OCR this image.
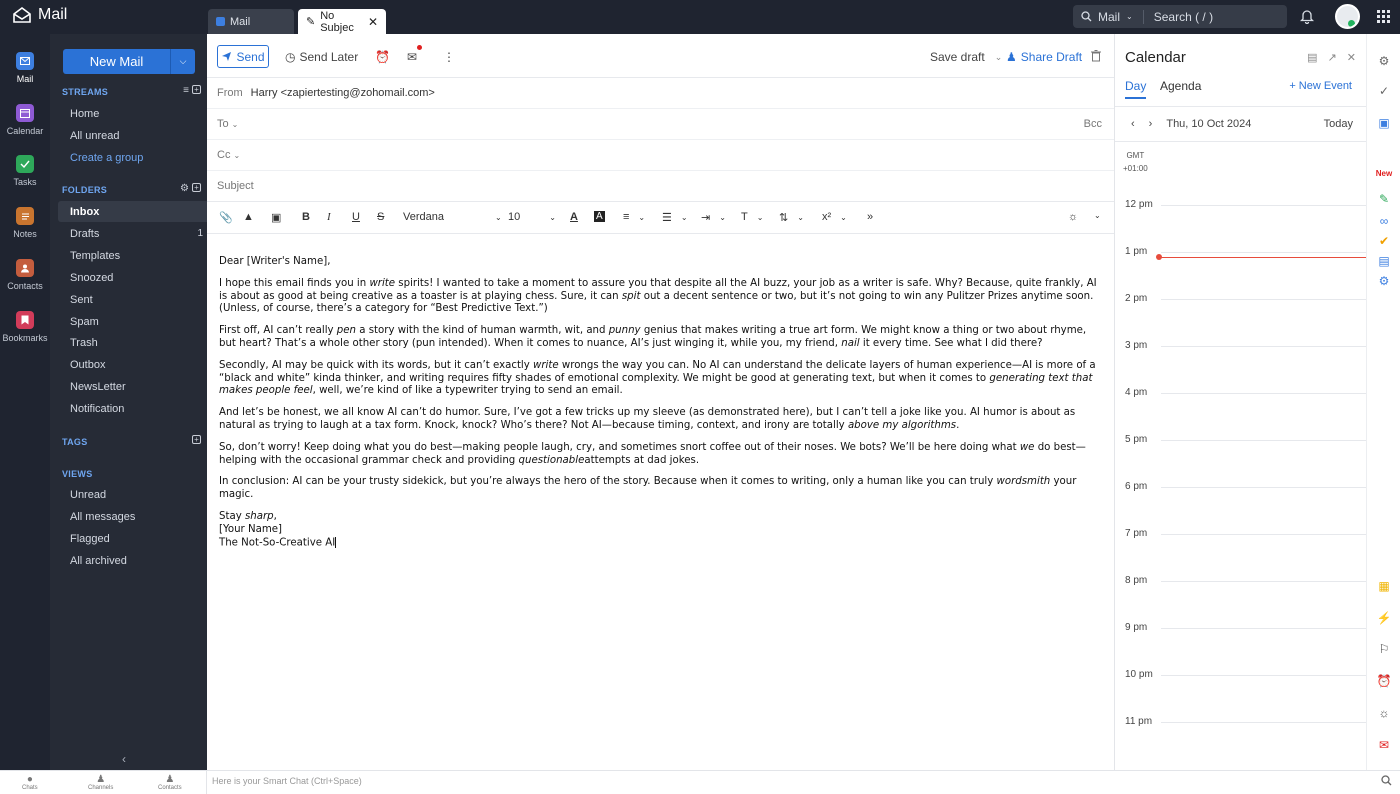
Mail	Mail	✎
No Subjec	✕	Mail ⌄ Search ( / )
Mail
Calendar
Tasks
Notes
Contacts
Bookmarks
New Mail	⌵
STREAMS	≡ +
Home
All unread
Create a group
FOLDERS	⚙ +
Inbox
Drafts	1
Templates
Snoozed
Sent
Spam
Trash
Outbox
NewsLetter
Notification
TAGS	+
VIEWS
Unread
All messages
Flagged
All archived
‹
Send ◷ Send Later ⏰ ✉ ⋮	Save draft ⌄ ♟ Share Draft
From Harry <zapiertesting@zohomail.com>
To ⌄	Bcc
Cc ⌄
Subject
📎 ▲ ▣ B I U S Verdana	⌄ 10	⌄ A A ≡ ⌄ ☰ ⌄ ⇥ ⌄ T ⌄ ⇅ ⌄ x² ⌄ »	☼ ⌄

Dear [Writer's Name],

I hope this email finds you in write spirits! I wanted to take a moment to assure you that despite all the AI buzz, your job as a writer is safe. Why? Because, quite frankly, AI is about as good at being creative as a toaster is at playing chess. Sure, it can spit out a decent sentence or two, but it’s not going to win any Pulitzer Prizes anytime soon. (Unless, of course, there’s a category for “Best Predictive Text.”)

First off, AI can’t really pen a story with the kind of human warmth, wit, and punny genius that makes writing a true art form. We might know a thing or two about rhyme, but heart? That’s a whole other story (pun intended). When it comes to nuance, AI’s just winging it, while you, my friend, nail it every time. See what I did there?

Secondly, AI may be quick with its words, but it can’t exactly write wrongs the way you can. No AI can understand the delicate layers of human experience—AI is more of a “black and white” kinda thinker, and writing requires fifty shades of emotional complexity. We might be good at generating text, but when it comes to generating text that makes people feel, well, we’re kind of like a typewriter trying to send an email.

And let’s be honest, we all know AI can’t do humor. Sure, I’ve got a few tricks up my sleeve (as demonstrated here), but I can’t tell a joke like you. AI humor is about as natural as trying to laugh at a tax form. Knock, knock? Who’s there? Not AI—because timing, context, and irony are totally above my algorithms.

So, don’t worry! Keep doing what you do best—making people laugh, cry, and sometimes snort coffee out of their noses. We bots? We’ll be here doing what we do best—helping with the occasional grammar check and providing questionableattempts at dad jokes.

In conclusion: AI can be your trusty sidekick, but you’re always the hero of the story. Because when it comes to writing, only a human like you can truly wordsmith your magic.

Stay sharp,
[Your Name]
The Not-So-Creative AI
Calendar	▤ ↗ ✕
Day Agenda	+ New Event
‹ › Thu, 10 Oct 2024	Today
GMT
+01:00
12 pm
1 pm
2 pm
3 pm
4 pm
5 pm
6 pm
7 pm
8 pm
9 pm
10 pm
11 pm
⚙
✓
▣
New
✎
∞
✔
▤
⚙
▦
⚡
⚐
⏰
☼
✉
●
Chats
♟
Channels
♟
Contacts
Here is your Smart Chat (Ctrl+Space)
